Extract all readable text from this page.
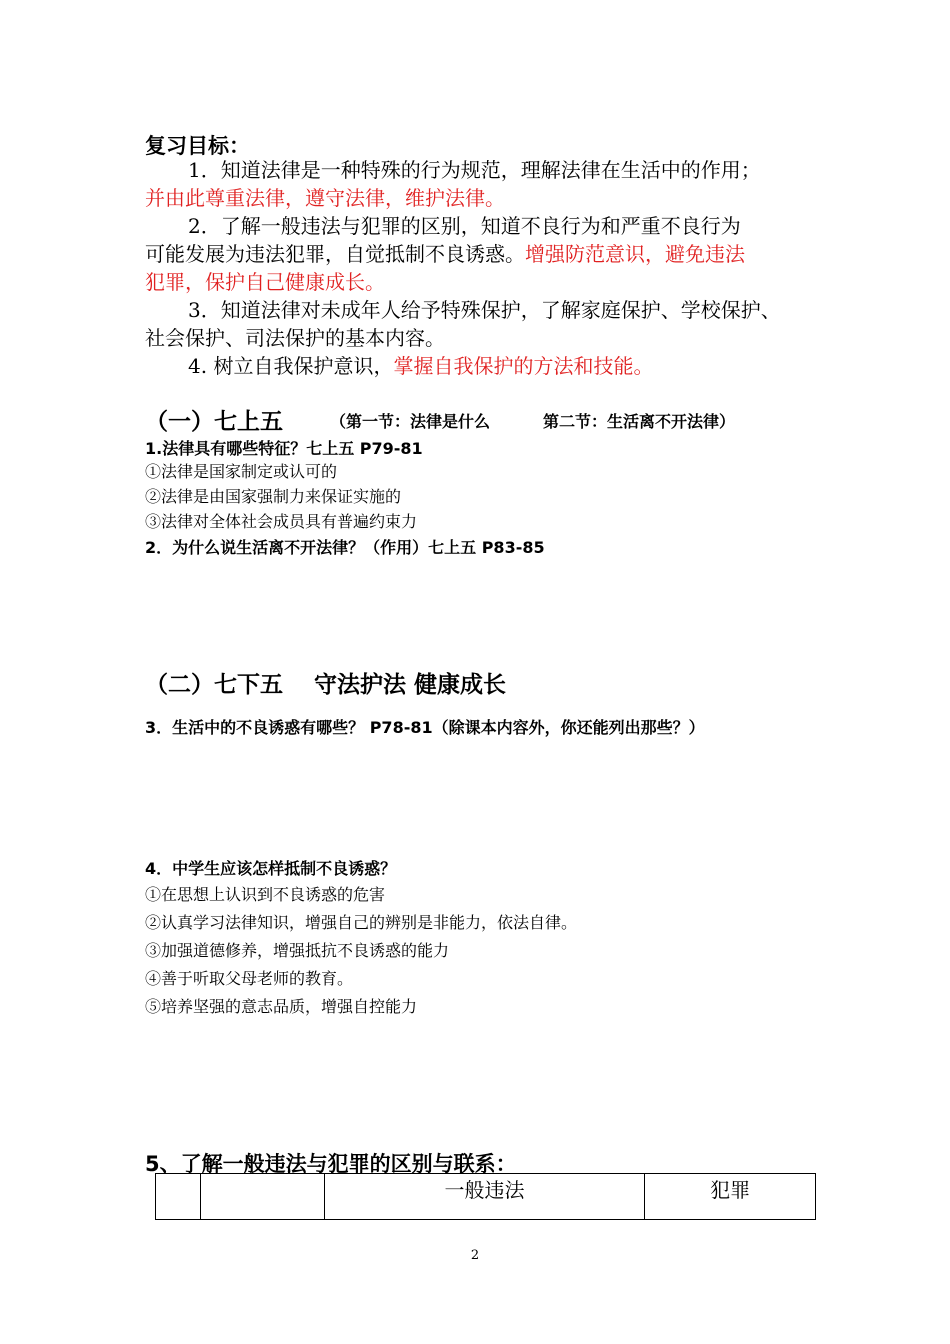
复习目标：
1．知道法律是一种特殊的行为规范，理解法律在生活中的作用；
并由此尊重法律，遵守法律，维护法律。
2．了解一般违法与犯罪的区别，知道不良行为和严重不良行为
可能发展为违法犯罪，自觉抵制不良诱惑。增强防范意识，避免违法
犯罪，保护自己健康成长。
3．知道法律对未成年人给予特殊保护，了解家庭保护、学校保护、
社会保护、司法保护的基本内容。
4. 树立自我保护意识，掌握自我保护的方法和技能。
（一）七上五	（第一节：法律是什么	第二节：生活离不开法律）
1.法律具有哪些特征？七上五 P79-81
①法律是国家制定或认可的
②法律是由国家强制力来保证实施的
③法律对全体社会成员具有普遍约束力
2．为什么说生活离不开法律？（作用）七上五 P83-85
（二）七下五　 守法护法 健康成长
3．生活中的不良诱惑有哪些？ P78-81（除课本内容外，你还能列出那些？）
4．中学生应该怎样抵制不良诱惑？
①在思想上认识到不良诱惑的危害
②认真学习法律知识，增强自己的辨别是非能力，依法自律。
③加强道德修养，增强抵抗不良诱惑的能力
④善于听取父母老师的教育。
⑤培养坚强的意志品质，增强自控能力
5、了解一般违法与犯罪的区别与联系：
		一般违法	犯罪
2
